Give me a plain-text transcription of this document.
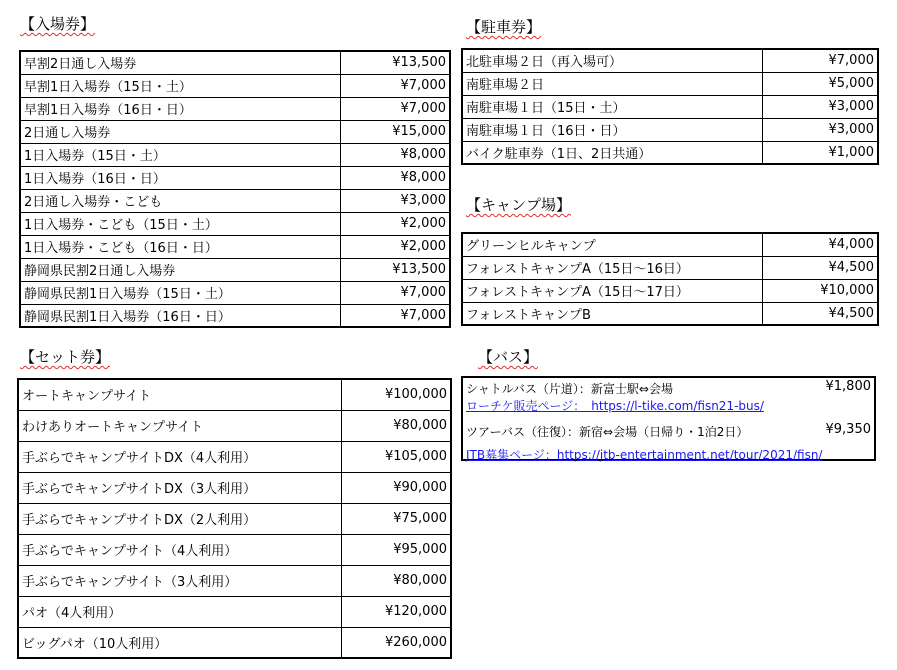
【入場券】
早割2日通し入場券	¥13,500
早割1日入場券（15日・土）	¥7,000
早割1日入場券（16日・日）	¥7,000
2日通し入場券	¥15,000
1日入場券（15日・土）	¥8,000
1日入場券（16日・日）	¥8,000
2日通し入場券・こども	¥3,000
1日入場券・こども（15日・土）	¥2,000
1日入場券・こども（16日・日）	¥2,000
静岡県民割2日通し入場券	¥13,500
静岡県民割1日入場券（15日・土）	¥7,000
静岡県民割1日入場券（16日・日）	¥7,000
【駐車券】
北駐車場２日（再入場可）	¥7,000
南駐車場２日	¥5,000
南駐車場１日（15日・土）	¥3,000
南駐車場１日（16日・日）	¥3,000
バイク駐車券（1日、2日共通）	¥1,000
【キャンプ場】
グリーンヒルキャンプ	¥4,000
フォレストキャンプA（15日〜16日）	¥4,500
フォレストキャンプA（15日〜17日）	¥10,000
フォレストキャンプB	¥4,500
【セット券】
オートキャンプサイト	¥100,000
わけありオートキャンプサイト	¥80,000
手ぶらでキャンプサイトDX（4人利用）	¥105,000
手ぶらでキャンプサイトDX（3人利用）	¥90,000
手ぶらでキャンプサイトDX（2人利用）	¥75,000
手ぶらでキャンプサイト（4人利用）	¥95,000
手ぶらでキャンプサイト（3人利用）	¥80,000
パオ（4人利用）	¥120,000
ビッグパオ（10人利用）	¥260,000
【バス】
シャトルバス（片道）：新富士駅⇔会場	¥1,800
ローチケ販売ページ：　https://l-tike.com/fisn21-bus/
ツアーバス（往復）：新宿⇔会場（日帰り・1泊2日）	¥9,350
JTB募集ページ：https://jtb-entertainment.net/tour/2021/fisn/
